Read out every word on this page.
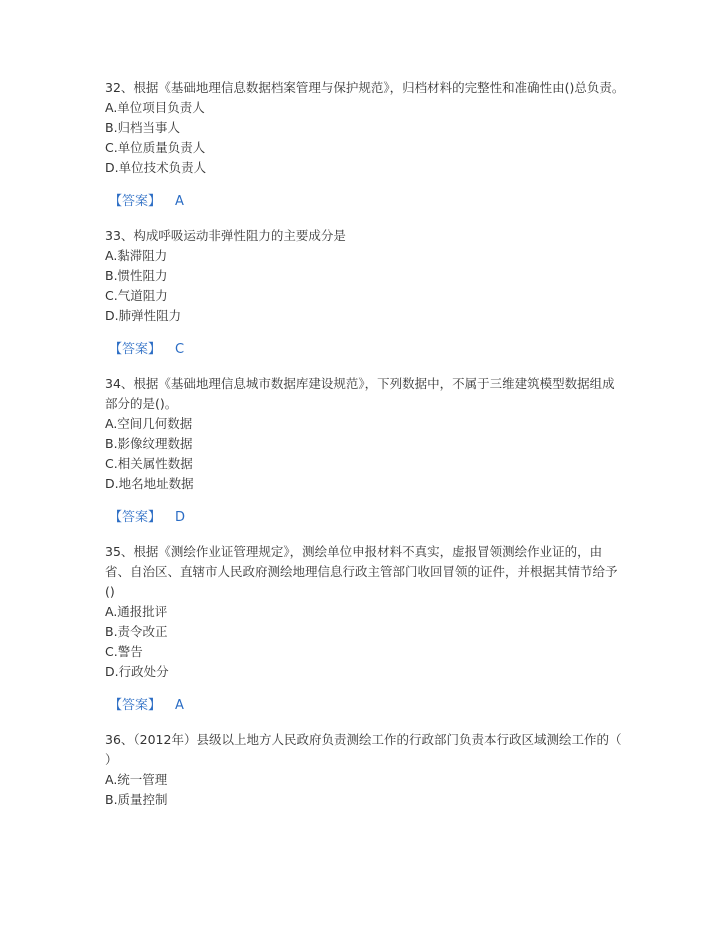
32、根据《基础地理信息数据档案管理与保护规范》，归档材料的完整性和准确性由()总负责。

A.单位项目负责人

B.归档当事人

C.单位质量负责人

D.单位技术负责人

【答案】 A

33、构成呼吸运动非弹性阻力的主要成分是

A.黏滞阻力

B.惯性阻力

C.气道阻力

D.肺弹性阻力

【答案】 C

34、根据《基础地理信息城市数据库建设规范》，下列数据中，不属于三维建筑模型数据组成部分的是()。

A.空间几何数据

B.影像纹理数据

C.相关属性数据

D.地名地址数据

【答案】 D

35、根据《测绘作业证管理规定》，测绘单位申报材料不真实，虚报冒领测绘作业证的，由省、自治区、直辖市人民政府测绘地理信息行政主管部门收回冒领的证件，并根据其情节给予()

A.通报批评

B.责令改正

C.警告

D.行政处分

【答案】 A

36、（2012年）县级以上地方人民政府负责测绘工作的行政部门负责本行政区域测绘工作的（ ）

A.统一管理

B.质量控制
